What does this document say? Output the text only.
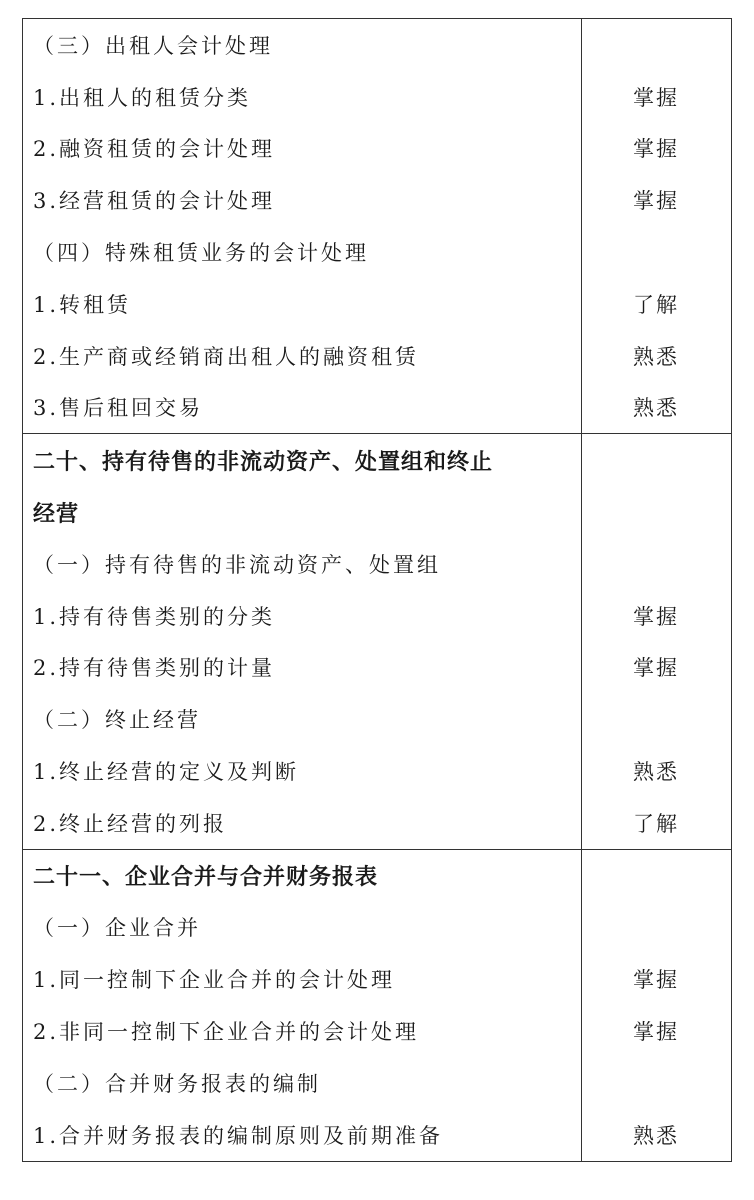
（三）出租人会计处理
1.出租人的租赁分类	掌握
2.融资租赁的会计处理	掌握
3.经营租赁的会计处理	掌握
（四）特殊租赁业务的会计处理
1.转租赁	了解
2.生产商或经销商出租人的融资租赁	熟悉
3.售后租回交易	熟悉
二十、持有待售的非流动资产、处置组和终止
经营
（一）持有待售的非流动资产、处置组
1.持有待售类别的分类	掌握
2.持有待售类别的计量	掌握
（二）终止经营
1.终止经营的定义及判断	熟悉
2.终止经营的列报	了解
二十一、企业合并与合并财务报表
（一）企业合并
1.同一控制下企业合并的会计处理	掌握
2.非同一控制下企业合并的会计处理	掌握
（二）合并财务报表的编制
1.合并财务报表的编制原则及前期准备	熟悉
